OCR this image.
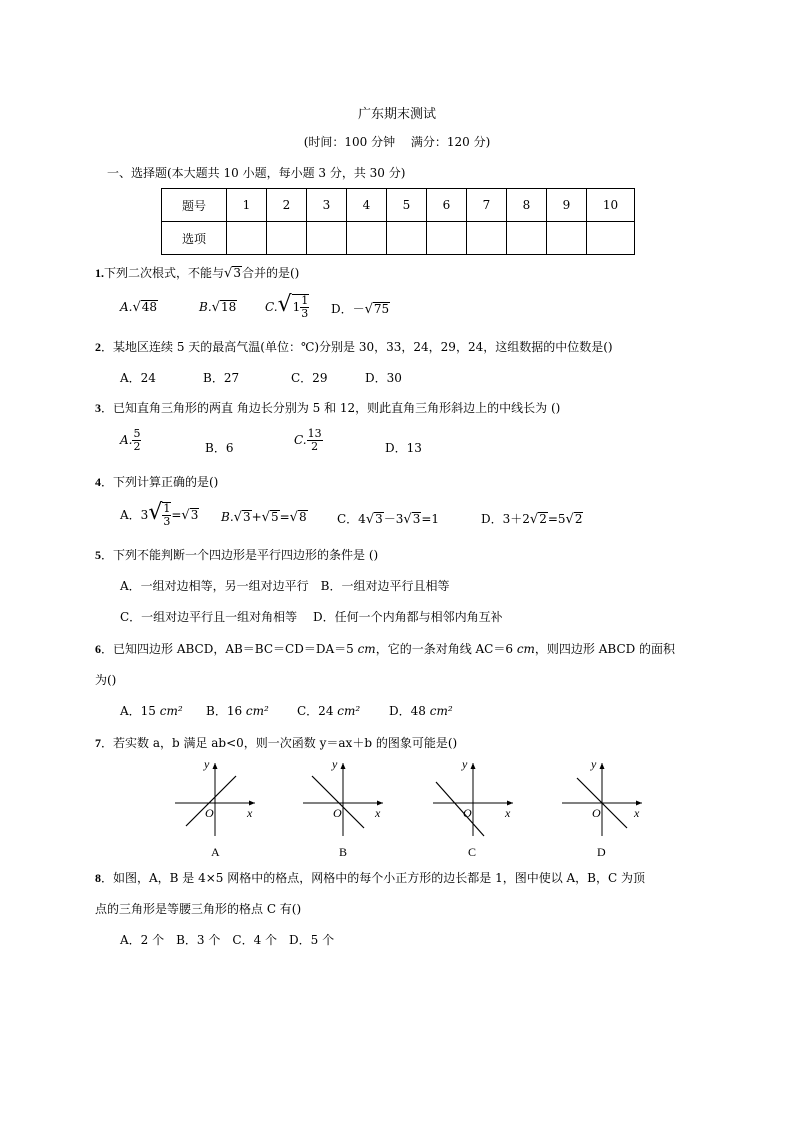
广东期末测试
(时间：100 分钟　 满分：120 分)
一、选择题(本大题共 10 小题，每小题 3 分，共 30 分)
题号	1	2	3	4	5	6	7	8	9	10
选项										
1.下列二次根式，不能与√3合并的是()
A.√48	B.√18 $C.√1 \frac{1}{3}$ D．－√75
2．某地区连续 5 天的最高气温(单位：℃)分别是 30，33，24，29，24，这组数据的中位数是()
A．24	B．27	C．29	D．30
3．已知直角三角形的两直 角边长分别为 5 和 12，则此直角三角形斜边上的中线长为 ()
A. $\frac{5}{2}$	B．6
C. $\frac{13}{2}$	D．13
4．下列计算正确的是()
A．$3√ \frac{1}{3} =√3$ B.√3+√5=√8	C．4√3－3√3=1	D．3＋2√2=5√2
5．下列不能判断一个四边形是平行四边形的条件是 ()
A．一组对边相等，另一组对边平行　B．一组对边平行且相等
C．一组对边平行且一组对角相等　 D．任何一个内角都与相邻内角互补
6．已知四边形 ABCD，AB＝BC＝CD＝DA＝5 cm，它的一条对角线 AC＝6 cm，则四边形 ABCD 的面积
为()
A．15 cm² B．16 cm² C．24 cm² D．48 cm²
7．若实数 a，b 满足 ab<0，则一次函数 y＝ax＋b 的图象可能是()
y
x
O
A
y
x
O
B
y
x
O
C
y
x
O
D
8．如图，A，B 是 4×5 网格中的格点，网格中的每个小正方形的边长都是 1，图中使以 A，B，C 为顶
点的三角形是等腰三角形的格点 C 有()
A．2 个　B．3 个　C．4 个　D．5 个
